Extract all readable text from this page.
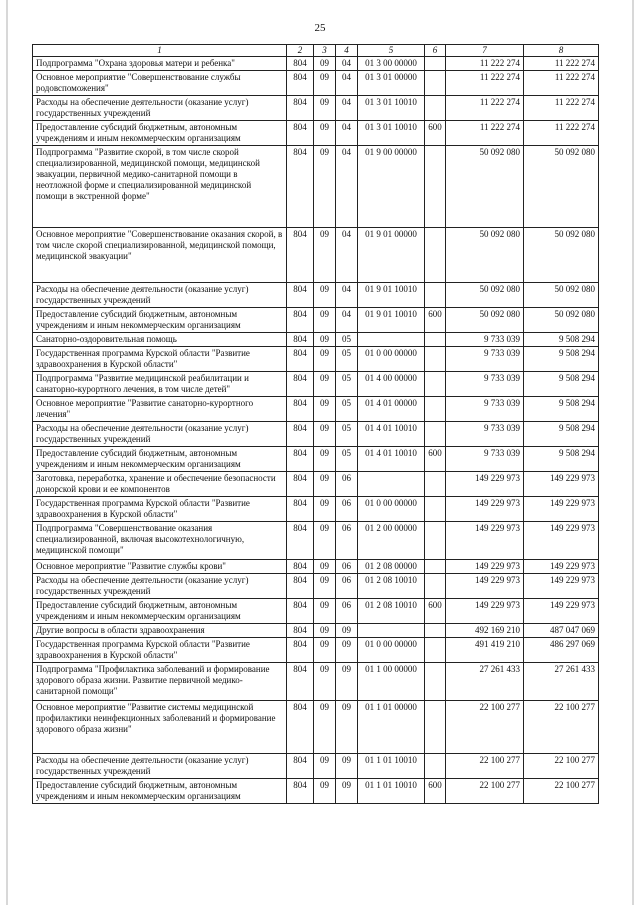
25
1	2	3	4	5	6	7	8
Подпрограмма "Охрана здоровья матери и ребенка"	804	09	04	01 3 00 00000		11 222 274	11 222 274
Основное мероприятие "Совершенствование службы родовспоможения"	804	09	04	01 3 01 00000		11 222 274	11 222 274
Расходы на обеспечение деятельности (оказание услуг) государственных учреждений	804	09	04	01 3 01 10010		11 222 274	11 222 274
Предоставление субсидий бюджетным, автономным учреждениям и иным некоммерческим организациям	804	09	04	01 3 01 10010	600	11 222 274	11 222 274
Подпрограмма "Развитие скорой, в том числе скорой специализированной, медицинской помощи, медицинской эвакуации, первичной медико-санитарной помощи в неотложной форме и специализированной медицинской помощи в экстренной форме"	804	09	04	01 9 00 00000		50 092 080	50 092 080
Основное мероприятие "Совершенствование оказания скорой, в том числе скорой специализированной, медицинской помощи, медицинской эвакуации"	804	09	04	01 9 01 00000		50 092 080	50 092 080
Расходы на обеспечение деятельности (оказание услуг) государственных учреждений	804	09	04	01 9 01 10010		50 092 080	50 092 080
Предоставление субсидий бюджетным, автономным учреждениям и иным некоммерческим организациям	804	09	04	01 9 01 10010	600	50 092 080	50 092 080
Санаторно-оздоровительная помощь	804	09	05			9 733 039	9 508 294
Государственная программа Курской области "Развитие здравоохранения в Курской области"	804	09	05	01 0 00 00000		9 733 039	9 508 294
Подпрограмма "Развитие медицинской реабилитации и санаторно-курортного лечения, в том числе детей"	804	09	05	01 4 00 00000		9 733 039	9 508 294
Основное мероприятие "Развитие санаторно-курортного лечения"	804	09	05	01 4 01 00000		9 733 039	9 508 294
Расходы на обеспечение деятельности (оказание услуг) государственных учреждений	804	09	05	01 4 01 10010		9 733 039	9 508 294
Предоставление субсидий бюджетным, автономным учреждениям и иным некоммерческим организациям	804	09	05	01 4 01 10010	600	9 733 039	9 508 294
Заготовка, переработка, хранение и обеспечение безопасности донорской крови и ее компонентов	804	09	06			149 229 973	149 229 973
Государственная программа Курской области "Развитие здравоохранения в Курской области"	804	09	06	01 0 00 00000		149 229 973	149 229 973
Подпрограмма "Совершенствование оказания специализированной, включая высокотехнологичную, медицинской помощи"	804	09	06	01 2 00 00000		149 229 973	149 229 973
Основное мероприятие "Развитие службы крови"	804	09	06	01 2 08 00000		149 229 973	149 229 973
Расходы на обеспечение деятельности (оказание услуг) государственных учреждений	804	09	06	01 2 08 10010		149 229 973	149 229 973
Предоставление субсидий бюджетным, автономным учреждениям и иным некоммерческим организациям	804	09	06	01 2 08 10010	600	149 229 973	149 229 973
Другие вопросы в области здравоохранения	804	09	09			492 169 210	487 047 069
Государственная программа Курской области "Развитие здравоохранения в Курской области"	804	09	09	01 0 00 00000		491 419 210	486 297 069
Подпрограмма "Профилактика заболеваний и формирование здорового образа жизни. Развитие первичной медико-санитарной помощи"	804	09	09	01 1 00 00000		27 261 433	27 261 433
Основное мероприятие "Развитие системы медицинской профилактики неинфекционных заболеваний и формирование здорового образа жизни"	804	09	09	01 1 01 00000		22 100 277	22 100 277
Расходы на обеспечение деятельности (оказание услуг) государственных учреждений	804	09	09	01 1 01 10010		22 100 277	22 100 277
Предоставление субсидий бюджетным, автономным учреждениям и иным некоммерческим организациям	804	09	09	01 1 01 10010	600	22 100 277	22 100 277
